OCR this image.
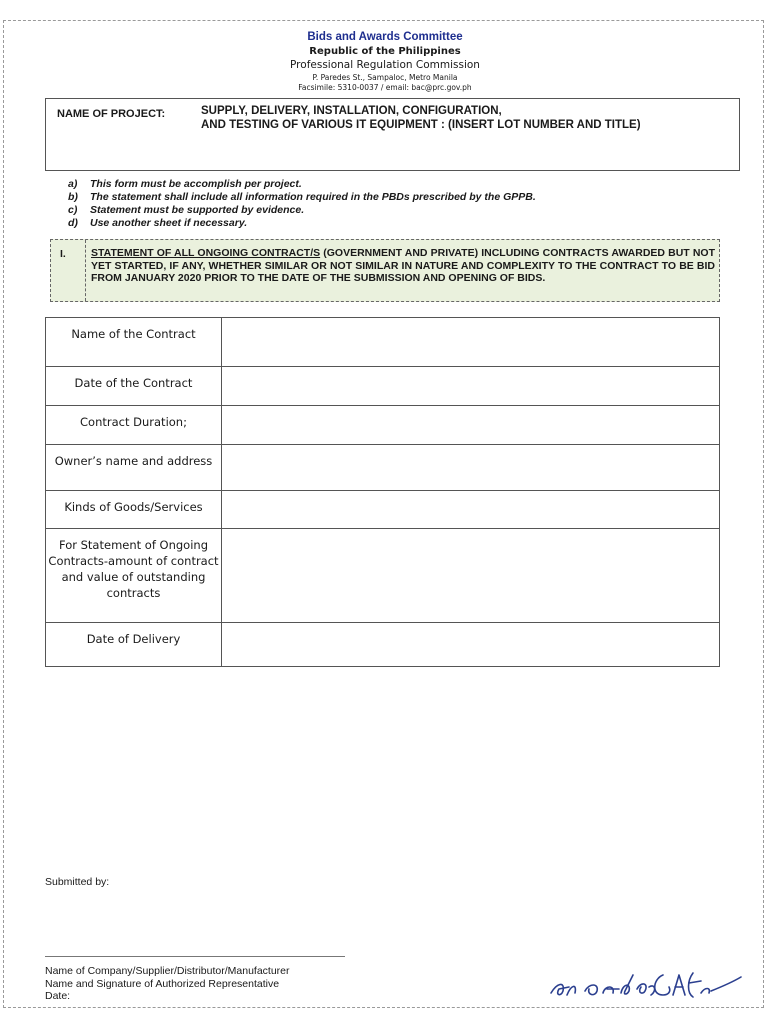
Bids and Awards Committee
Republic of the Philippines
Professional Regulation Commission
P. Paredes St., Sampaloc, Metro Manila
Facsimile: 5310-0037 / email: bac@prc.gov.ph
NAME OF PROJECT:	SUPPLY, DELIVERY, INSTALLATION, CONFIGURATION,
AND TESTING OF VARIOUS IT EQUIPMENT : (INSERT LOT NUMBER AND TITLE)
a) This form must be accomplish per project.
b) The statement shall include all information required in the PBDs prescribed by the GPPB.
c) Statement must be supported by evidence.
d) Use another sheet if necessary.
I. STATEMENT OF ALL ONGOING CONTRACT/S (GOVERNMENT AND PRIVATE) INCLUDING CONTRACTS AWARDED BUT NOT YET STARTED, IF ANY, WHETHER SIMILAR OR NOT SIMILAR IN NATURE AND COMPLEXITY TO THE CONTRACT TO BE BID FROM JANUARY 2020 PRIOR TO THE DATE OF THE SUBMISSION AND OPENING OF BIDS.
Name of the Contract	
Date of the Contract	
Contract Duration;	
Owner’s name and address	
Kinds of Goods/Services	
For Statement of Ongoing Contracts-amount of contract and value of outstanding contracts	
Date of Delivery	
Submitted by:
Name of Company/Supplier/Distributor/Manufacturer
Name and Signature of Authorized Representative
Date:
